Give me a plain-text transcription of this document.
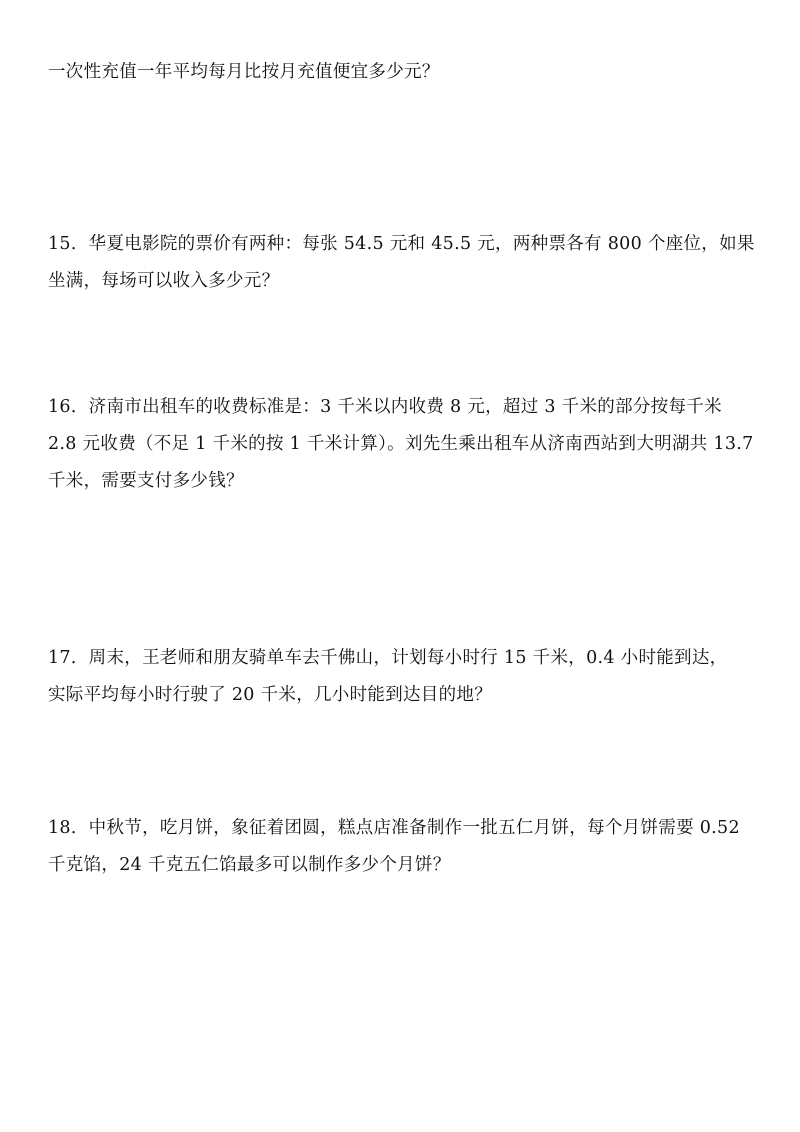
一次性充值一年平均每月比按月充值便宜多少元？

15．华夏电影院的票价有两种：每张 54.5 元和 45.5 元，两种票各有 800 个座位，如果
坐满，每场可以收入多少元？

16．济南市出租车的收费标准是：3 千米以内收费 8 元，超过 3 千米的部分按每千米
2.8 元收费（不足 1 千米的按 1 千米计算）。刘先生乘出租车从济南西站到大明湖共 13.7
千米，需要支付多少钱？

17．周末，王老师和朋友骑单车去千佛山，计划每小时行 15 千米，0.4 小时能到达，
实际平均每小时行驶了 20 千米，几小时能到达目的地？

18．中秋节，吃月饼，象征着团圆，糕点店准备制作一批五仁月饼，每个月饼需要 0.52
千克馅，24 千克五仁馅最多可以制作多少个月饼？
